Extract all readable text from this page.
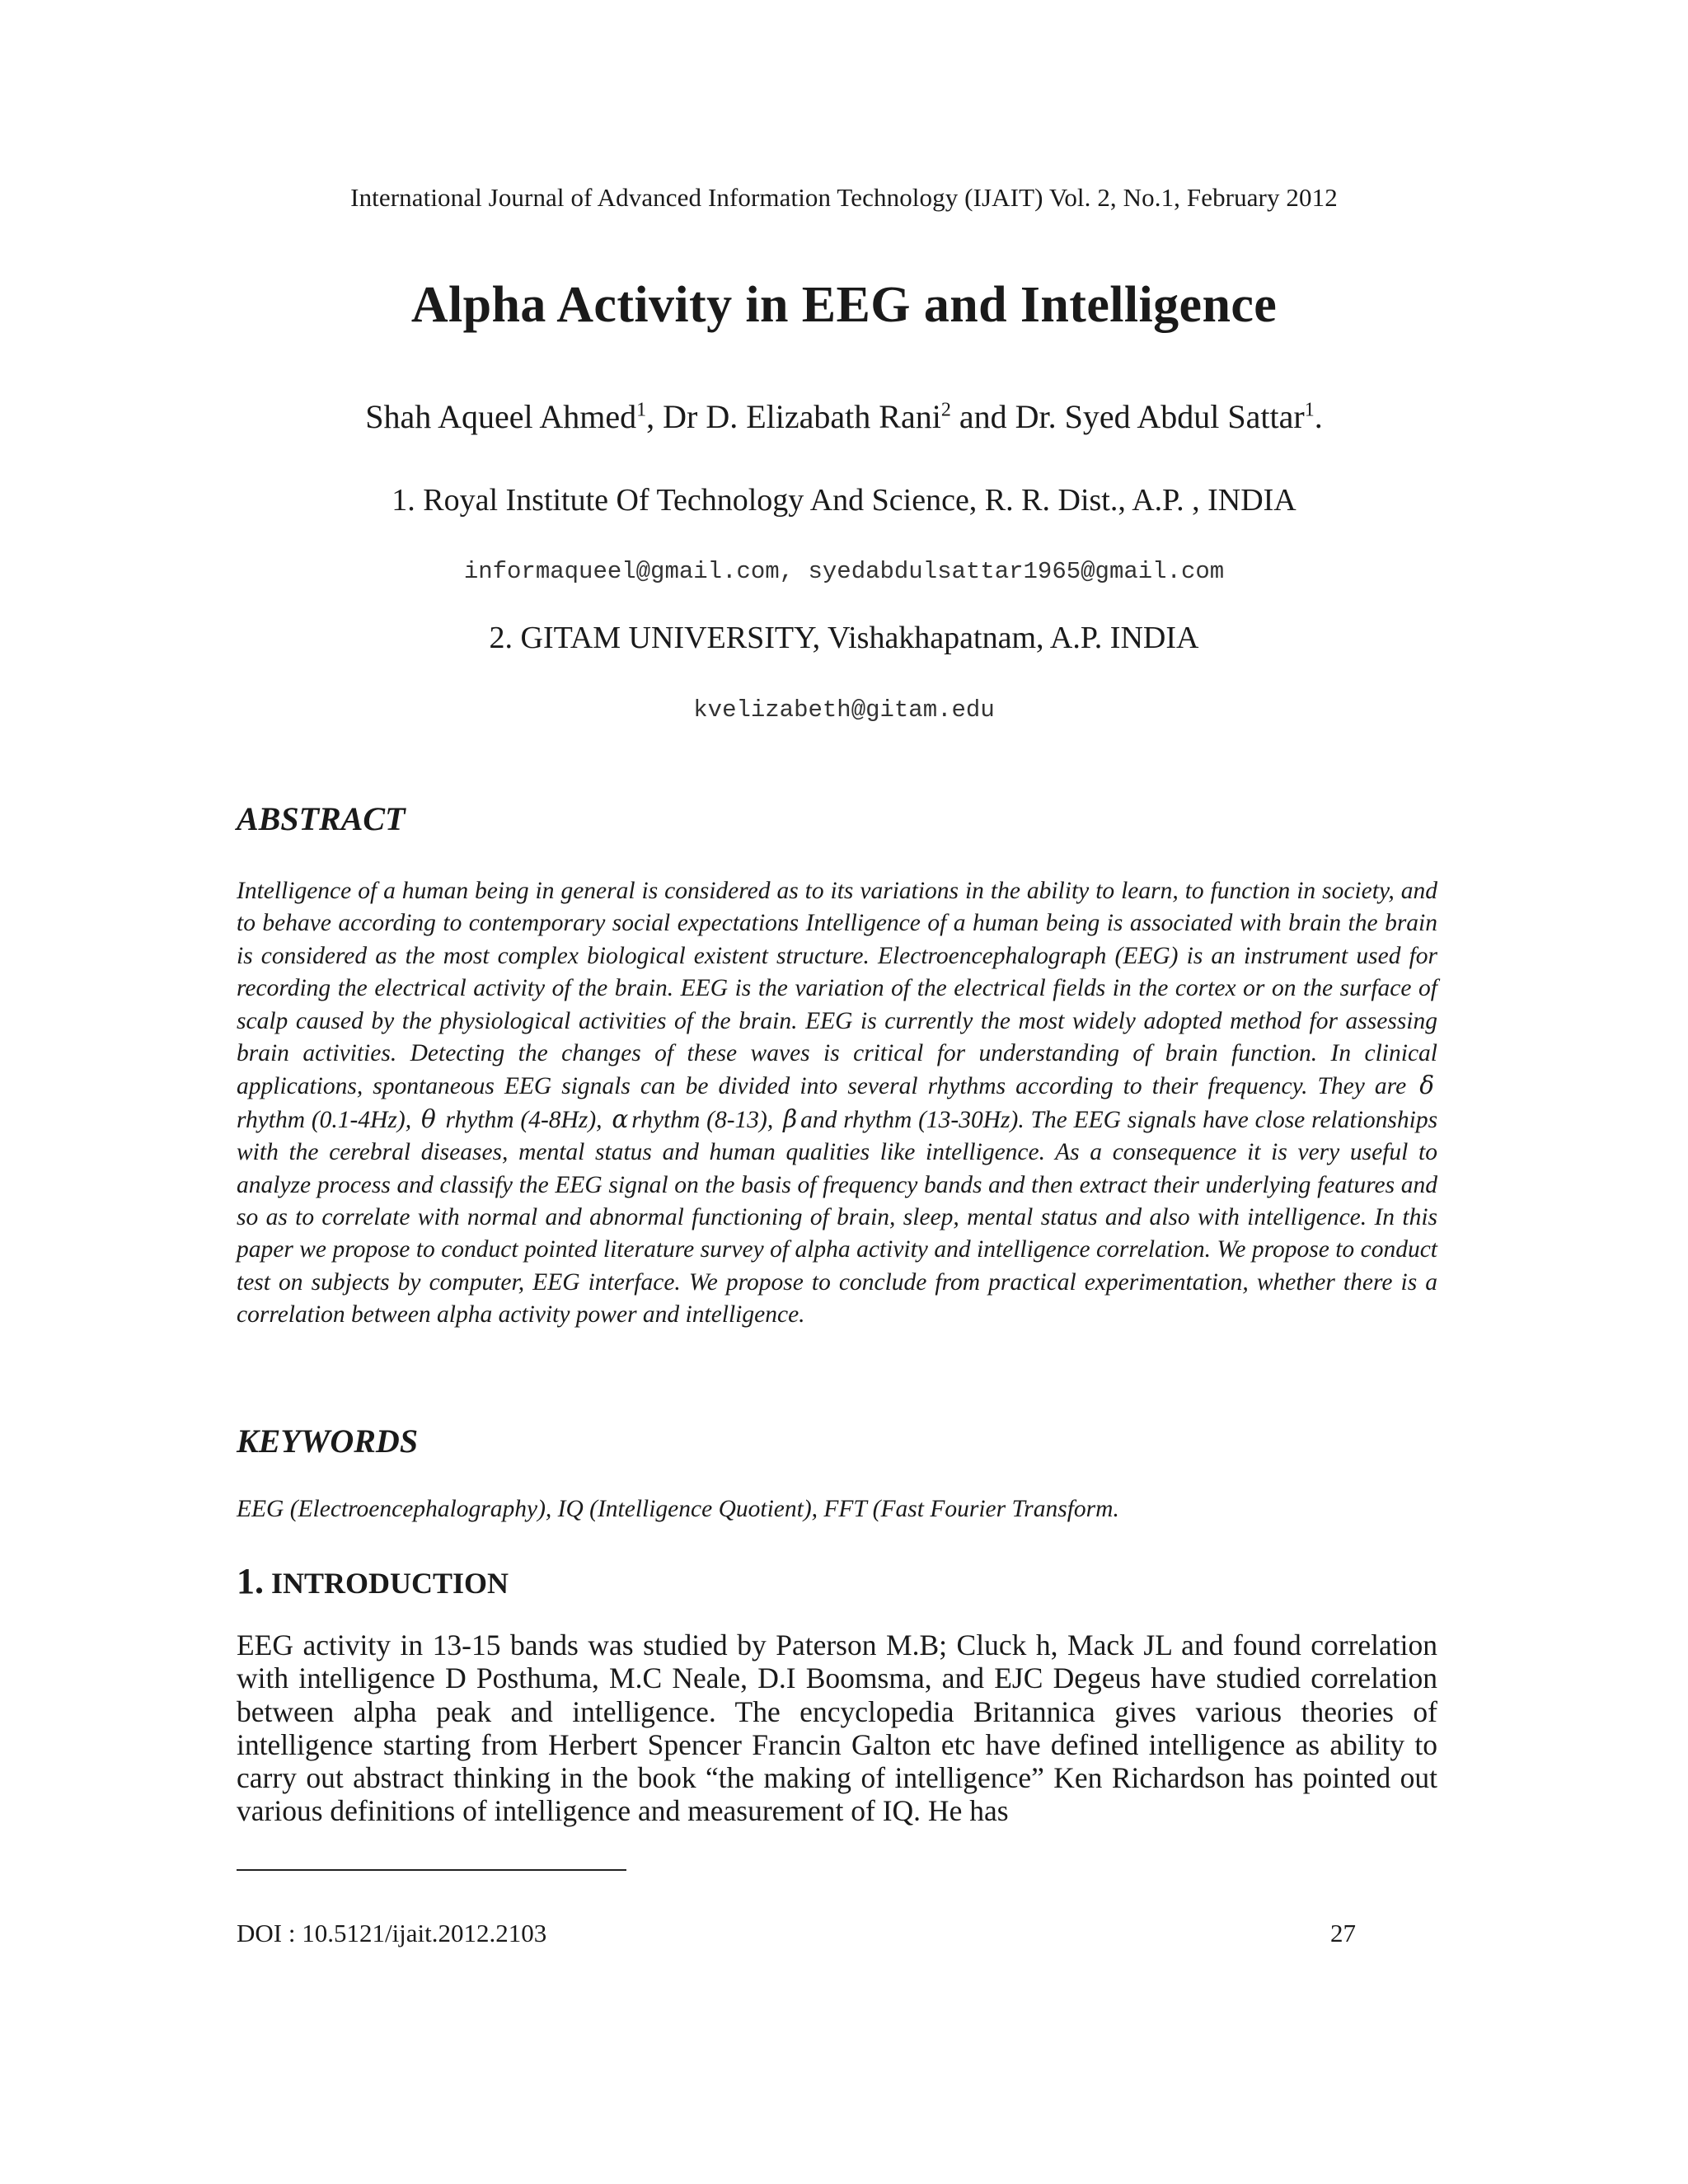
International Journal of Advanced Information Technology (IJAIT) Vol. 2, No.1, February 2012
Alpha Activity in EEG and Intelligence
Shah Aqueel Ahmed$^1$, Dr D. Elizabath Rani$^2$ and Dr. Syed Abdul Sattar$^1$.
1. Royal Institute Of Technology And Science, R. R. Dist., A.P. , INDIA
informaqueel@gmail.com, syedabdulsattar1965@gmail.com
2. GITAM UNIVERSITY, Vishakhapatnam, A.P. INDIA
kvelizabeth@gitam.edu
ABSTRACT

Intelligence of a human being in general is considered as to its variations in the ability to learn, to function in society, and to behave according to contemporary social expectations Intelligence of a human being is associated with brain the brain is considered as the most complex biological existent structure. Electroencephalograph (EEG) is an instrument used for recording the electrical activity of the brain. EEG is the variation of the electrical fields in the cortex or on the surface of scalp caused by the physiological activities of the brain. EEG is currently the most widely adopted method for assessing brain activities. Detecting the changes of these waves is critical for understanding of brain function. In clinical applications, spontaneous EEG signals can be divided into several rhythms according to their frequency. They are δ rhythm (0.1-4Hz), θ rhythm (4-8Hz), α rhythm (8-13), β and rhythm (13-30Hz). The EEG signals have close relationships with the cerebral diseases, mental status and human qualities like intelligence. As a consequence it is very useful to analyze process and classify the EEG signal on the basis of frequency bands and then extract their underlying features and so as to correlate with normal and abnormal functioning of brain, sleep, mental status and also with intelligence. In this paper we propose to conduct pointed literature survey of alpha activity and intelligence correlation. We propose to conduct test on subjects by computer, EEG interface. We propose to conclude from practical experimentation, whether there is a correlation between alpha activity power and intelligence.

KEYWORDS
EEG (Electroencephalography), IQ (Intelligence Quotient), FFT (Fast Fourier Transform.
1. INTRODUCTION

EEG activity in 13-15 bands was studied by Paterson M.B; Cluck h, Mack JL and found correlation with intelligence D Posthuma, M.C Neale, D.I Boomsma, and EJC Degeus have studied correlation between alpha peak and intelligence. The encyclopedia Britannica gives various theories of intelligence starting from Herbert Spencer Francin Galton etc have defined intelligence as ability to carry out abstract thinking in the book “the making of intelligence” Ken Richardson has pointed out various definitions of intelligence and measurement of IQ. He has

DOI : 10.5121/ijait.2012.2103	27
